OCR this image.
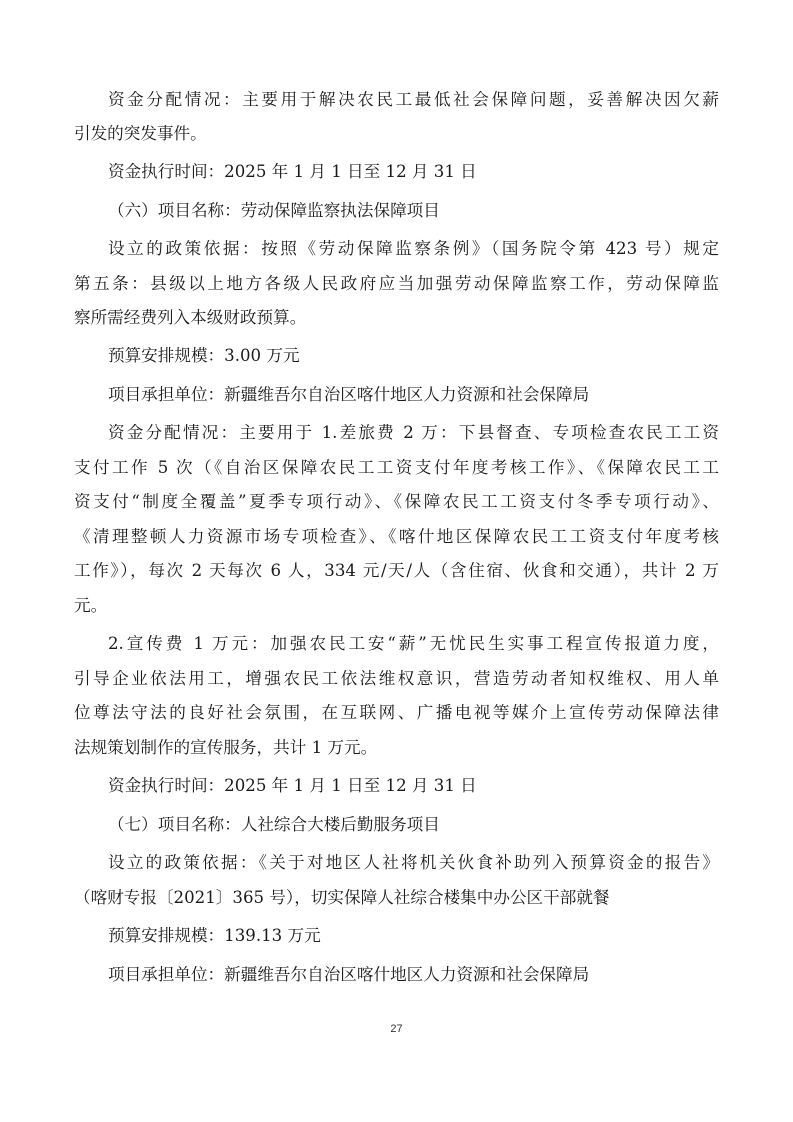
资金分配情况：主要用于解决农民工最低社会保障问题，妥善解决因欠薪
引发的突发事件。
资金执行时间：2025 年 1 月 1 日至 12 月 31 日
（六）项目名称：劳动保障监察执法保障项目
设立的政策依据：按照《劳动保障监察条例》（国务院令第 423 号）规定
第五条：县级以上地方各级人民政府应当加强劳动保障监察工作，劳动保障监
察所需经费列入本级财政预算。
预算安排规模：3.00 万元
项目承担单位：新疆维吾尔自治区喀什地区人力资源和社会保障局
资金分配情况：主要用于 1.差旅费 2 万：下县督查、专项检查农民工工资
支付工作 5 次（《自治区保障农民工工资支付年度考核工作》、《保障农民工工
资支付“制度全覆盖”夏季专项行动》、《保障农民工工资支付冬季专项行动》、
《清理整顿人力资源市场专项检查》、《喀什地区保障农民工工资支付年度考核
工作》），每次 2 天每次 6 人，334 元/天/人（含住宿、伙食和交通），共计 2 万
元。
2.宣传费 1 万元：加强农民工安“薪”无忧民生实事工程宣传报道力度，
引导企业依法用工，增强农民工依法维权意识，营造劳动者知权维权、用人单
位尊法守法的良好社会氛围，在互联网、广播电视等媒介上宣传劳动保障法律
法规策划制作的宣传服务，共计 1 万元。
资金执行时间：2025 年 1 月 1 日至 12 月 31 日
（七）项目名称：人社综合大楼后勤服务项目
设立的政策依据：《关于对地区人社将机关伙食补助列入预算资金的报告》
（喀财专报〔2021〕365 号），切实保障人社综合楼集中办公区干部就餐
预算安排规模：139.13 万元
项目承担单位：新疆维吾尔自治区喀什地区人力资源和社会保障局
27
